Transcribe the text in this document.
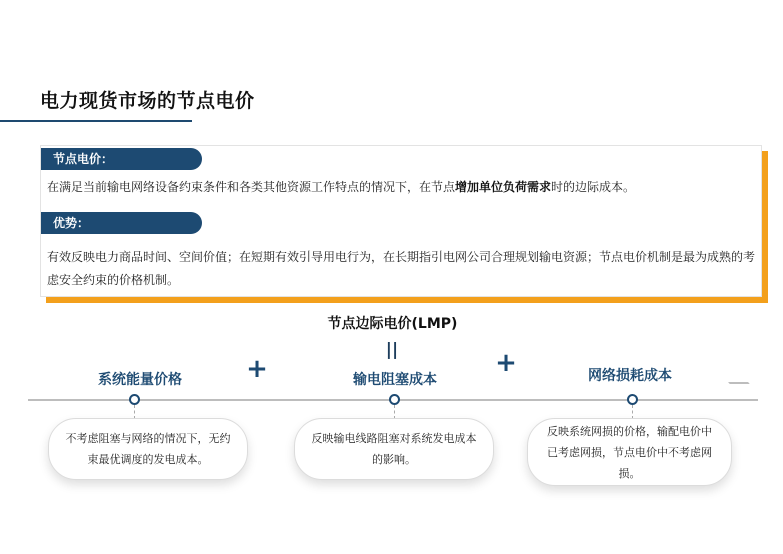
电力现货市场的节点电价
节点电价：
在满足当前输电网络设备约束条件和各类其他资源工作特点的情况下，在节点增加单位负荷需求时的边际成本。
优势：
有效反映电力商品时间、空间价值；在短期有效引导用电行为，在长期指引电网公司合理规划输电资源；节点电价机制是最为成熟的考虑安全约束的价格机制。
节点边际电价(LMP)
||
系统能量价格	输电阻塞成本	网络损耗成本
+	+
不考虑阻塞与网络的情况下，无约束最优调度的发电成本。
反映输电线路阻塞对系统发电成本的影响。
反映系统网损的价格，输配电价中已考虑网损，节点电价中不考虑网损。
